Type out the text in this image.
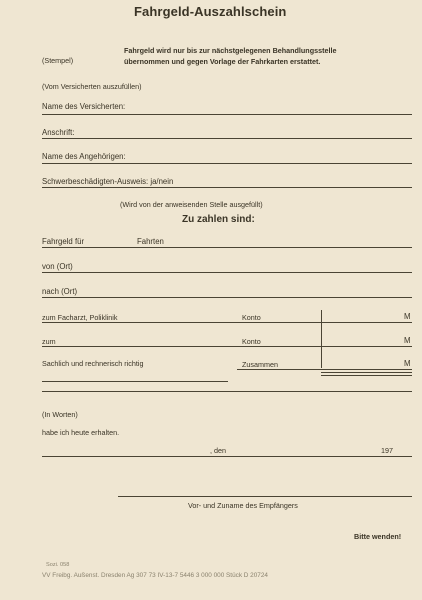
Fahrgeld-Auszahlschein
(Stempel)
Fahrgeld wird nur bis zur nächstgelegenen Behandlungsstelle
übernommen und gegen Vorlage der Fahrkarten erstattet.
(Vom Versicherten auszufüllen)
Name des Versicherten:
Anschrift:
Name des Angehörigen:
Schwerbeschädigten-Ausweis: ja/nein
(Wird von der anweisenden Stelle ausgefüllt)
Zu zahlen sind:
Fahrgeld für	Fahrten
von (Ort)
nach (Ort)
zum Facharzt, Poliklinik	Konto	M
zum	Konto	M
Sachlich und rechnerisch richtig	Zusammen	M
(In Worten)
habe ich heute erhalten.
, den	197
Vor- und Zuname des Empfängers
Bitte wenden!
Sozi. 058
VV Freibg. Außenst. Dresden Ag 307 73 IV-13-7 5446 3 000 000 Stück D 20724
